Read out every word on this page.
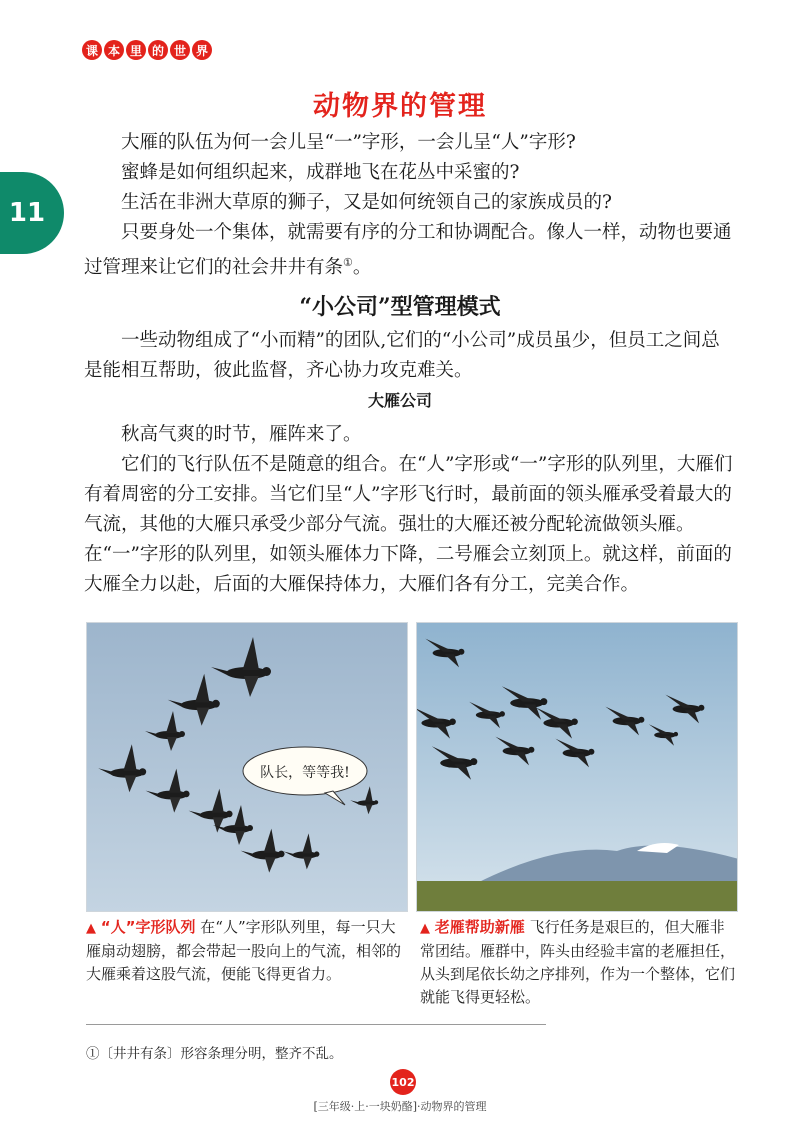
课 本 里 的 世 界
11
动物界的管理

大雁的队伍为何一会儿呈“一”字形，一会儿呈“人”字形?

蜜蜂是如何组织起来，成群地飞在花丛中采蜜的?

生活在非洲大草原的狮子，又是如何统领自己的家族成员的?

只要身处一个集体，就需要有序的分工和协调配合。像人一样，动物也要通过管理来让它们的社会井井有条①。

“小公司”型管理模式

一些动物组成了“小而精”的团队,它们的“小公司”成员虽少，但员工之间总是能相互帮助，彼此监督，齐心协力攻克难关。

大雁公司

秋高气爽的时节，雁阵来了。

它们的飞行队伍不是随意的组合。在“人”字形或“一”字形的队列里，大雁们有着周密的分工安排。当它们呈“人”字形飞行时，最前面的领头雁承受着最大的气流，其他的大雁只承受少部分气流。强壮的大雁还被分配轮流做领头雁。在“一”字形的队列里，如领头雁体力下降，二号雁会立刻顶上。就这样，前面的大雁全力以赴，后面的大雁保持体力，大雁们各有分工，完美合作。

队长，等等我!
▲ “人”字形队列 在“人”字形队列里，每一只大雁扇动翅膀，都会带起一股向上的气流，相邻的大雁乘着这股气流，便能飞得更省力。
▲ 老雁帮助新雁 飞行任务是艰巨的，但大雁非常团结。雁群中，阵头由经验丰富的老雁担任，从头到尾依长幼之序排列，作为一个整体，它们就能飞得更轻松。
①〔井井有条〕形容条理分明，整齐不乱。
102
[三年级·上·一块奶酪]·动物界的管理
